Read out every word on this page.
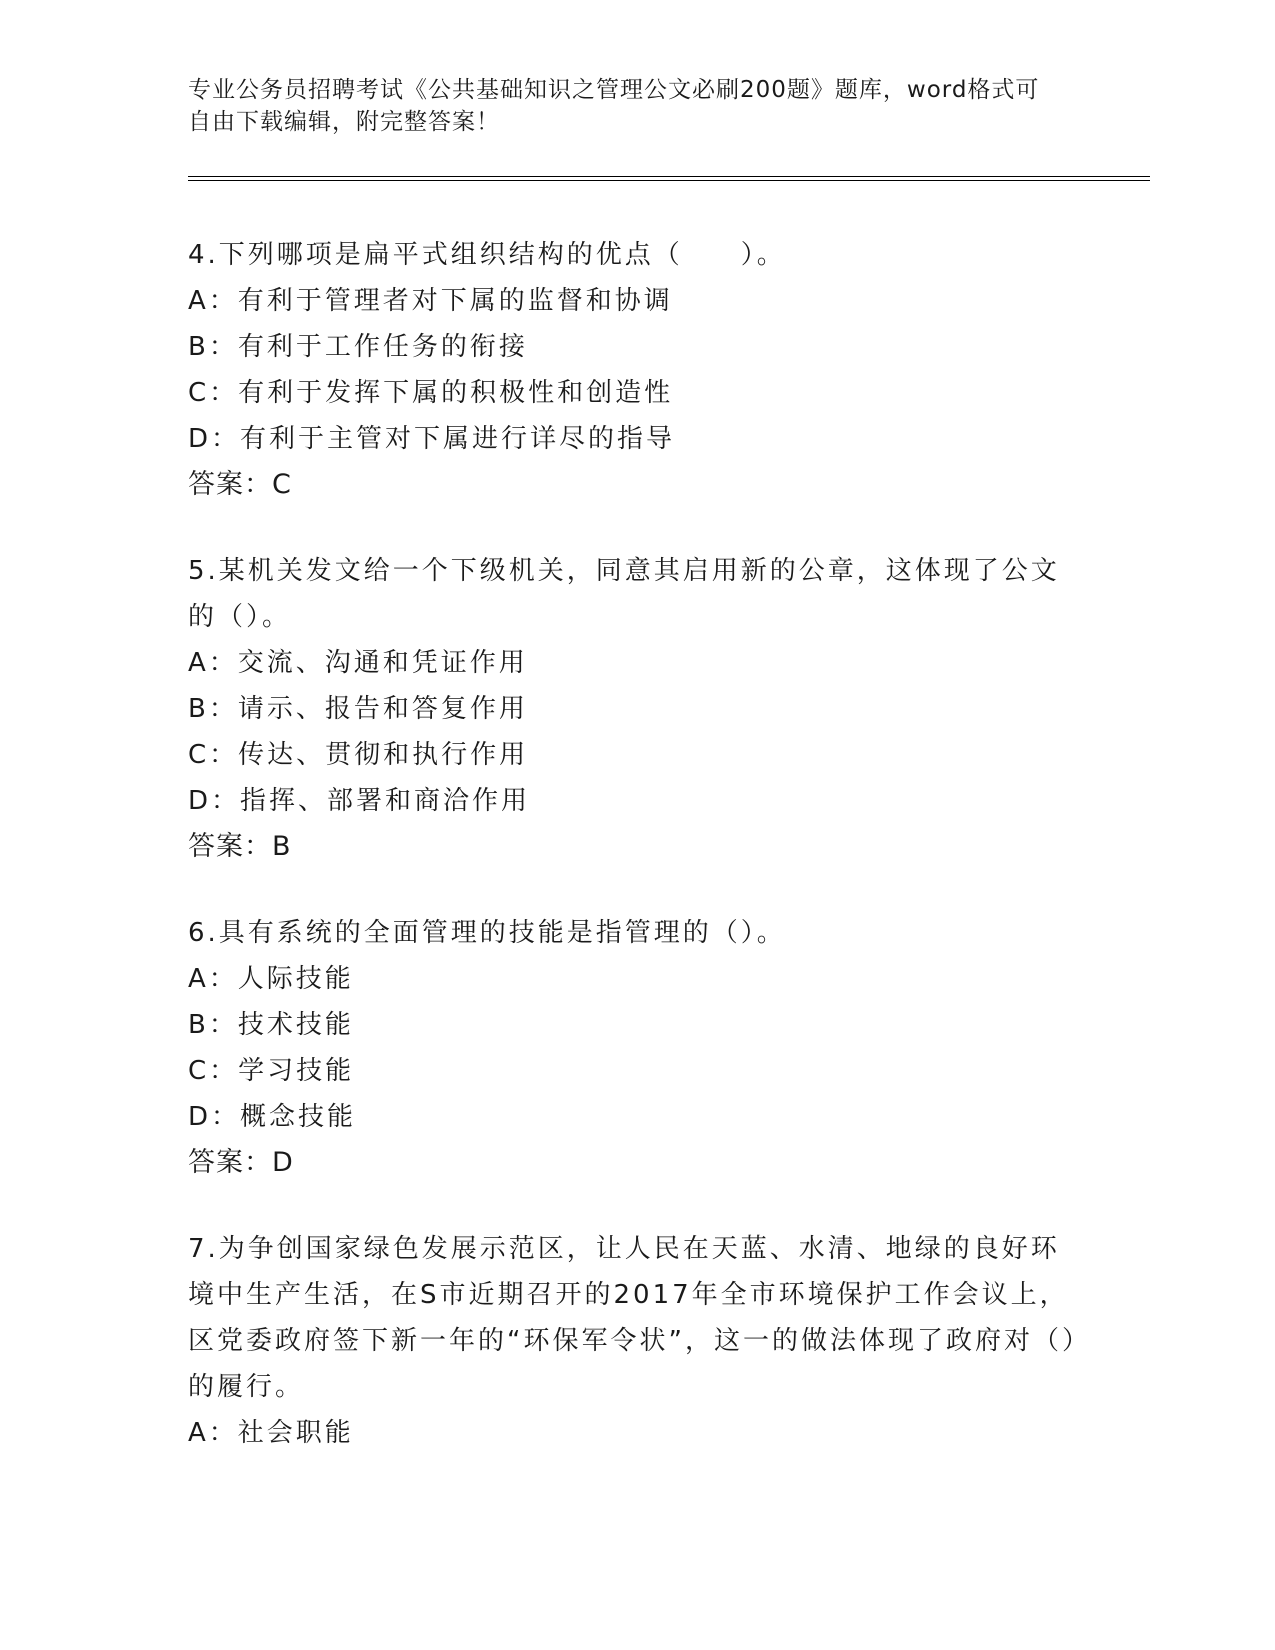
专业公务员招聘考试《公共基础知识之管理公文必刷200题》题库，word格式可
自由下载编辑，附完整答案！

4.下列哪项是扁平式组织结构的优点（　　）。

A：有利于管理者对下属的监督和协调

B：有利于工作任务的衔接

C：有利于发挥下属的积极性和创造性

D：有利于主管对下属进行详尽的指导

答案：C

5.某机关发文给一个下级机关，同意其启用新的公章，这体现了公文的（）。

A：交流、沟通和凭证作用

B：请示、报告和答复作用

C：传达、贯彻和执行作用

D：指挥、部署和商洽作用

答案：B

6.具有系统的全面管理的技能是指管理的（）。

A：人际技能

B：技术技能

C：学习技能

D：概念技能

答案：D

7.为争创国家绿色发展示范区，让人民在天蓝、水清、地绿的良好环境中生产生活，在S市近期召开的2017年全市环境保护工作会议上，区党委政府签下新一年的“环保军令状”，这一的做法体现了政府对（）的履行。

A：社会职能
